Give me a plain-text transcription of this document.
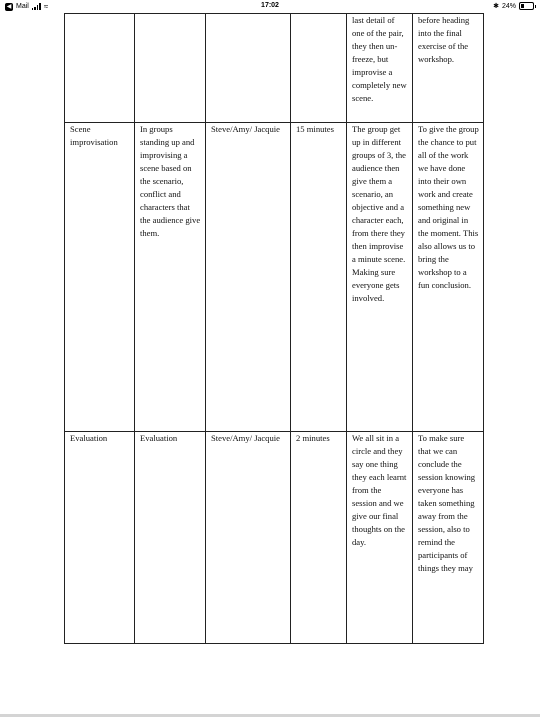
◀ Mail ≈	17:02	✱ 24%
				last detail of one of the pair, they then un-freeze, but improvise a completely new scene.	before heading into the final exercise of the workshop.
Scene improvisation	In groups standing up and improvising a scene based on the scenario, conflict and characters that the audience give them.	Steve/Amy/ Jacquie	15 minutes	The group get up in different groups of 3, the audience then give them a scenario, an objective and a character each, from there they then improvise a minute scene. Making sure everyone gets involved.	To give the group the chance to put all of the work we have done into their own work and create something new and original in the moment. This also allows us to bring the workshop to a fun conclusion.
Evaluation	Evaluation	Steve/Amy/ Jacquie	2 minutes	We all sit in a circle and they say one thing they each learnt from the session and we give our final thoughts on the day.	To make sure that we can conclude the session knowing everyone has taken something away from the session, also to remind the participants of things they may
